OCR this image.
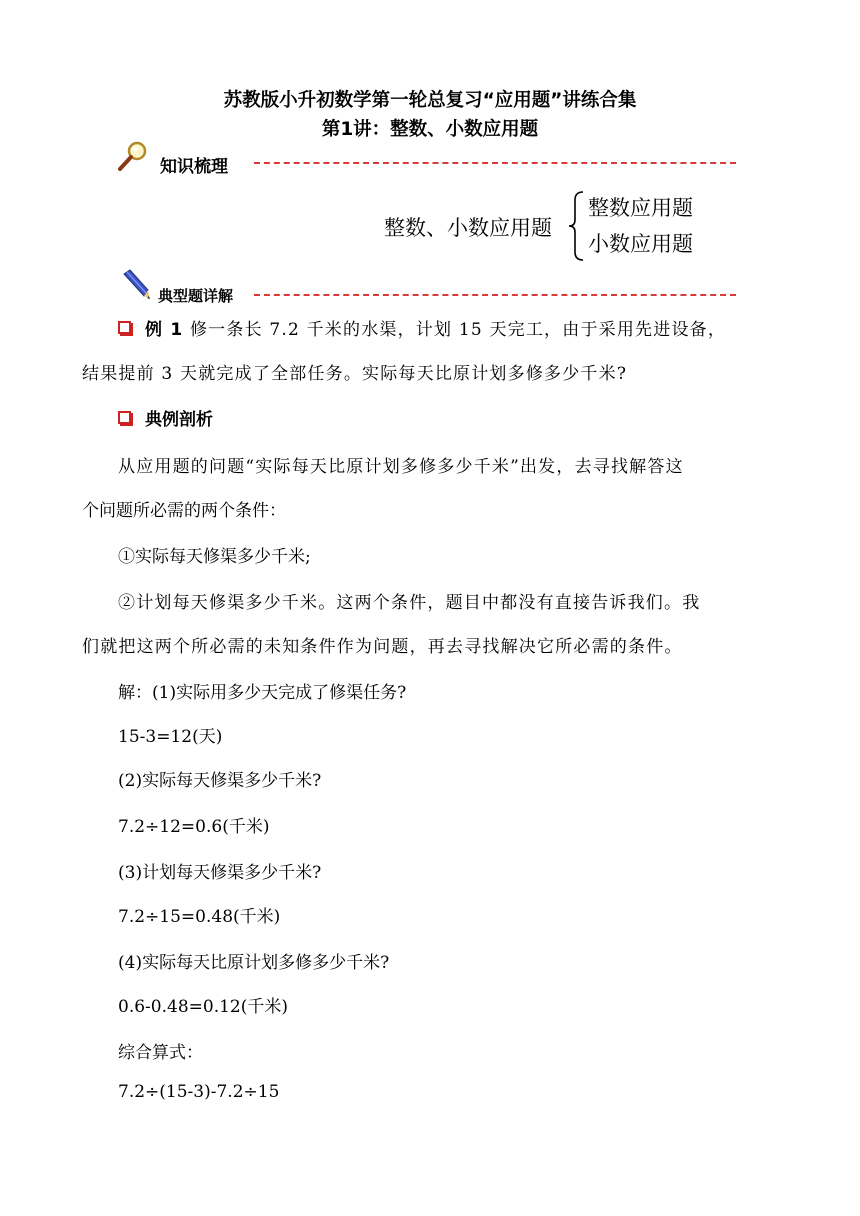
苏教版小升初数学第一轮总复习“应用题”讲练合集
第1讲：整数、小数应用题
知识梳理
整数、小数应用题
整数应用题
小数应用题
典型题详解
例 1 修一条长 7.2 千米的水渠，计划 15 天完工，由于采用先进设备，
结果提前 3 天就完成了全部任务。实际每天比原计划多修多少千米?
典例剖析
从应用题的问题“实际每天比原计划多修多少千米”出发，去寻找解答这
个问题所必需的两个条件：
①实际每天修渠多少千米;
②计划每天修渠多少千米。这两个条件，题目中都没有直接告诉我们。我
们就把这两个所必需的未知条件作为问题，再去寻找解决它所必需的条件。
解：(1)实际用多少天完成了修渠任务?
15-3=12(天)
(2)实际每天修渠多少千米?
7.2÷12=0.6(千米)
(3)计划每天修渠多少千米?
7.2÷15=0.48(千米)
(4)实际每天比原计划多修多少千米?
0.6-0.48=0.12(千米)
综合算式：
7.2÷(15-3)-7.2÷15
